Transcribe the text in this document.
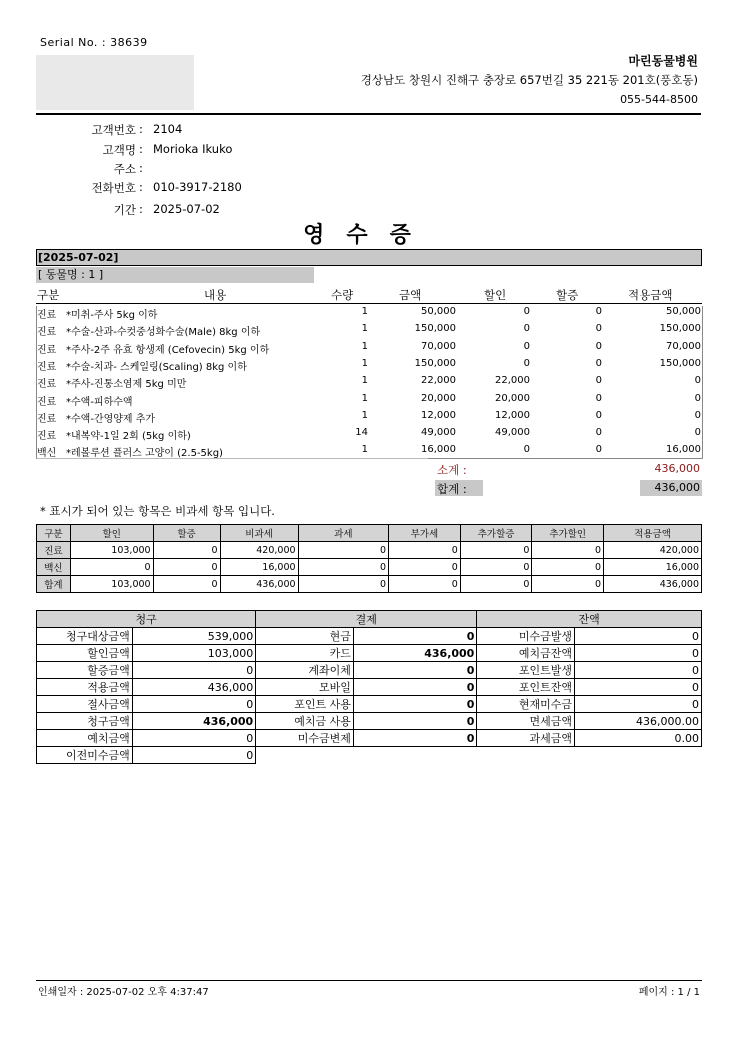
Serial No. : 38639
마린동물병원
경상남도 창원시 진해구 충장로 657번길 35 221동 201호(풍호동)
055-544-8500
고객번호 : 2104
고객명 : Morioka Ikuko
주소 :
전화번호 : 010-3917-2180
기간 : 2025-07-02
영수증
[2025-07-02]
[ 동물명 : 1 ]
구분	내용	수량	금액	할인	할증	적용금액
진료 *미취-주사 5kg 이하	1	50,000	0	0	50,000
진료 *수술-산과-수컷중성화수술(Male) 8kg 이하	1	150,000	0	0	150,000
진료 *주사-2주 유효 항생제 (Cefovecin) 5kg 이하	1	70,000	0	0	70,000
진료 *수술-치과- 스케일링(Scaling) 8kg 이하	1	150,000	0	0	150,000
진료 *주사-진통소염제 5kg 미만	1	22,000	22,000	0	0
진료 *수액-피하수액	1	20,000	20,000	0	0
진료 *수액-간영양제 추가	1	12,000	12,000	0	0
진료 *내복약-1일 2회 (5kg 이하)	14	49,000	49,000	0	0
백신 *레볼루션 플러스 고양이 (2.5-5kg)	1	16,000	0	0	16,000
소계 :	436,000
합계 :	436,000
* 표시가 되어 있는 항목은 비과세 항목 입니다.
구분	할인	할증	비과세	과세	부가세	추가할증	추가할인	적용금액
진료	103,000	0	420,000	0	0	0	0	420,000
백신	0	0	16,000	0	0	0	0	16,000
합계	103,000	0	436,000	0	0	0	0	436,000
청구		결제		잔액	
청구대상금액	539,000	현금	0	미수금발생	0
할인금액	103,000	카드	436,000	예치금잔액	0
할증금액	0	계좌이체	0	포인트발생	0
적용금액	436,000	모바일	0	포인트잔액	0
절사금액	0	포인트 사용	0	현재미수금	0
청구금액	436,000	예치금 사용	0	면세금액	436,000.00
예치금액	0	미수금변제	0	과세금액	0.00
이전미수금액	0				
인쇄일자 : 2025-07-02 오후 4:37:47	페이지 : 1 / 1
